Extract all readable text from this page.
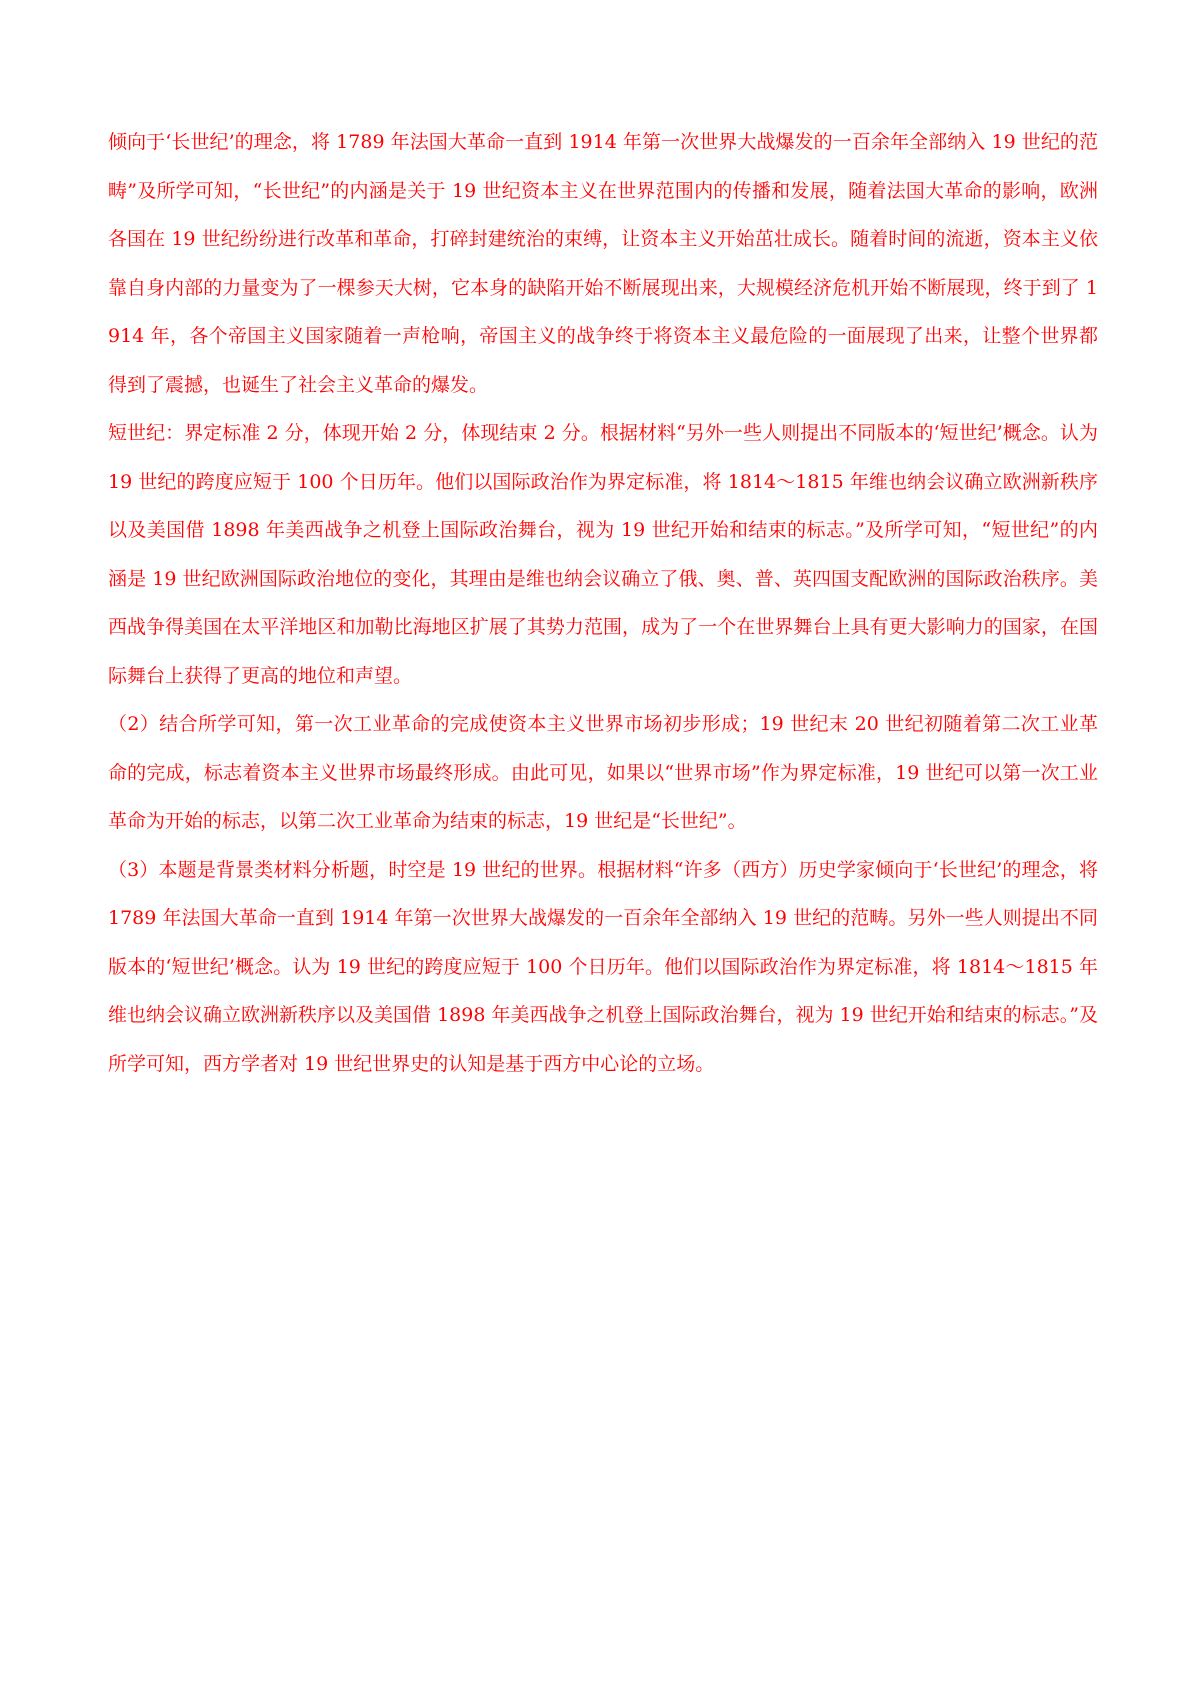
倾向于‘长世纪’的理念，将 1789 年法国大革命一直到 1914 年第一次世界大战爆发的一百余年全部纳入 19 世纪的范畴”及所学可知，“长世纪”的内涵是关于 19 世纪资本主义在世界范围内的传播和发展，随着法国大革命的影响，欧洲各国在 19 世纪纷纷进行改革和革命，打碎封建统治的束缚，让资本主义开始茁壮成长。随着时间的流逝，资本主义依靠自身内部的力量变为了一棵参天大树，它本身的缺陷开始不断展现出来，大规模经济危机开始不断展现，终于到了 1914 年，各个帝国主义国家随着一声枪响，帝国主义的战争终于将资本主义最危险的一面展现了出来，让整个世界都得到了震撼，也诞生了社会主义革命的爆发。

短世纪：界定标准 2 分，体现开始 2 分，体现结束 2 分。根据材料“另外一些人则提出不同版本的‘短世纪’概念。认为 19 世纪的跨度应短于 100 个日历年。他们以国际政治作为界定标准，将 1814～1815 年维也纳会议确立欧洲新秩序以及美国借 1898 年美西战争之机登上国际政治舞台，视为 19 世纪开始和结束的标志。”及所学可知，“短世纪”的内涵是 19 世纪欧洲国际政治地位的变化，其理由是维也纳会议确立了俄、奥、普、英四国支配欧洲的国际政治秩序。美西战争得美国在太平洋地区和加勒比海地区扩展了其势力范围，成为了一个在世界舞台上具有更大影响力的国家，在国际舞台上获得了更高的地位和声望。

（2）结合所学可知，第一次工业革命的完成使资本主义世界市场初步形成；19 世纪末 20 世纪初随着第二次工业革命的完成，标志着资本主义世界市场最终形成。由此可见，如果以“世界市场”作为界定标准，19 世纪可以第一次工业革命为开始的标志，以第二次工业革命为结束的标志，19 世纪是“长世纪”。

（3）本题是背景类材料分析题，时空是 19 世纪的世界。根据材料“许多（西方）历史学家倾向于‘长世纪’的理念，将 1789 年法国大革命一直到 1914 年第一次世界大战爆发的一百余年全部纳入 19 世纪的范畴。另外一些人则提出不同版本的‘短世纪’概念。认为 19 世纪的跨度应短于 100 个日历年。他们以国际政治作为界定标准，将 1814～1815 年维也纳会议确立欧洲新秩序以及美国借 1898 年美西战争之机登上国际政治舞台，视为 19 世纪开始和结束的标志。”及所学可知，西方学者对 19 世纪世界史的认知是基于西方中心论的立场。
